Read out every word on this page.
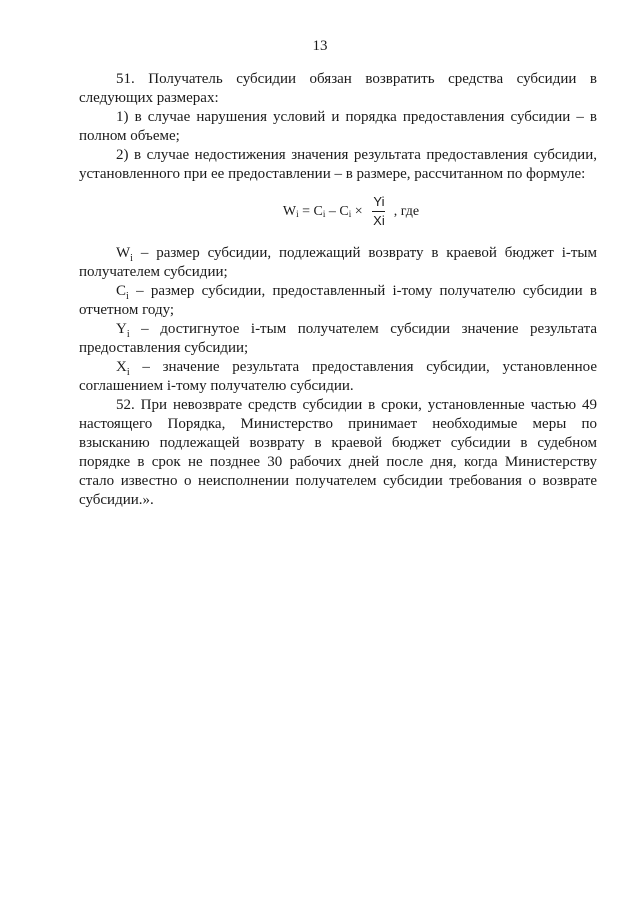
13

51. Получатель субсидии обязан возвратить средства субсидии в следующих размерах:

1) в случае нарушения условий и порядка предоставления субсидии – в полном объеме;

2) в случае недостижения значения результата предоставления субсидии, установленного при ее предоставлении – в размере, рассчитанном по формуле:

$W_i = C_i - C_i \times \frac{Yi}{Xi}$ , где

$W_i$ – размер субсидии, подлежащий возврату в краевой бюджет i-тым получателем субсидии;

$C_i$ – размер субсидии, предоставленный i-тому получателю субсидии в отчетном году;

$Y_i$ – достигнутое i-тым получателем субсидии значение результата предоставления субсидии;

$X_i$ – значение результата предоставления субсидии, установленное соглашением i-тому получателю субсидии.

52. При невозврате средств субсидии в сроки, установленные частью 49 настоящего Порядка, Министерство принимает необходимые меры по взысканию подлежащей возврату в краевой бюджет субсидии в судебном порядке в срок не позднее 30 рабочих дней после дня, когда Министерству стало известно о неисполнении получателем субсидии требования о возврате субсидии.».
